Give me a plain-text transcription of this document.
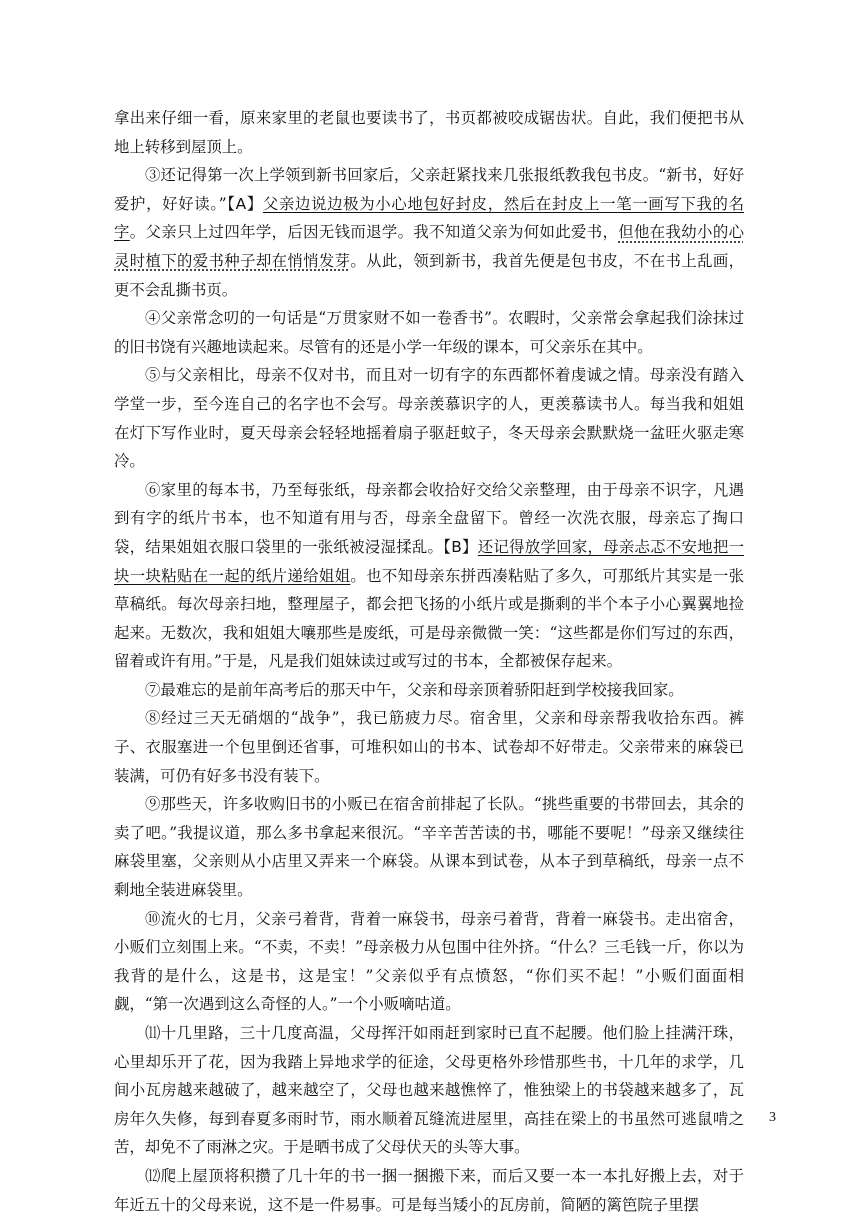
拿出来仔细一看，原来家里的老鼠也要读书了，书页都被咬成锯齿状。自此，我们便把书从地上转移到屋顶上。

③还记得第一次上学领到新书回家后，父亲赶紧找来几张报纸教我包书皮。“新书，好好爱护，好好读。”【A】父亲边说边极为小心地包好封皮，然后在封皮上一笔一画写下我的名字。父亲只上过四年学，后因无钱而退学。我不知道父亲为何如此爱书，但他在我幼小的心灵时植下的爱书种子却在悄悄发芽。从此，领到新书，我首先便是包书皮，不在书上乱画，更不会乱撕书页。

④父亲常念叨的一句话是“万贯家财不如一卷香书”。农暇时，父亲常会拿起我们涂抹过的旧书饶有兴趣地读起来。尽管有的还是小学一年级的课本，可父亲乐在其中。

⑤与父亲相比，母亲不仅对书，而且对一切有字的东西都怀着虔诚之情。母亲没有踏入学堂一步，至今连自己的名字也不会写。母亲羡慕识字的人，更羡慕读书人。每当我和姐姐在灯下写作业时，夏天母亲会轻轻地摇着扇子驱赶蚊子，冬天母亲会默默烧一盆旺火驱走寒冷。

⑥家里的每本书，乃至每张纸，母亲都会收拾好交给父亲整理，由于母亲不识字，凡遇到有字的纸片书本，也不知道有用与否，母亲全盘留下。曾经一次洗衣服，母亲忘了掏口袋，结果姐姐衣服口袋里的一张纸被浸湿揉乱。【B】还记得放学回家，母亲忐忑不安地把一块一块粘贴在一起的纸片递给姐姐。也不知母亲东拼西凑粘贴了多久，可那纸片其实是一张草稿纸。每次母亲扫地，整理屋子，都会把飞扬的小纸片或是撕剩的半个本子小心翼翼地捡起来。无数次，我和姐姐大嚷那些是废纸，可是母亲微微一笑：“这些都是你们写过的东西，留着或许有用。”于是，凡是我们姐妹读过或写过的书本，全都被保存起来。

⑦最难忘的是前年高考后的那天中午，父亲和母亲顶着骄阳赶到学校接我回家。

⑧经过三天无硝烟的“战争”，我已筋疲力尽。宿舍里，父亲和母亲帮我收拾东西。裤子、衣服塞进一个包里倒还省事，可堆积如山的书本、试卷却不好带走。父亲带来的麻袋已装满，可仍有好多书没有装下。

⑨那些天，许多收购旧书的小贩已在宿舍前排起了长队。“挑些重要的书带回去，其余的卖了吧。”我提议道，那么多书拿起来很沉。“辛辛苦苦读的书，哪能不要呢！”母亲又继续往麻袋里塞，父亲则从小店里又弄来一个麻袋。从课本到试卷，从本子到草稿纸，母亲一点不剩地全装进麻袋里。

⑩流火的七月，父亲弓着背，背着一麻袋书，母亲弓着背，背着一麻袋书。走出宿舍，小贩们立刻围上来。“不卖，不卖！”母亲极力从包围中往外挤。“什么？三毛钱一斤，你以为我背的是什么，这是书，这是宝！”父亲似乎有点愤怒，“你们买不起！”小贩们面面相觑，“第一次遇到这么奇怪的人。”一个小贩嘀咕道。

⑾十几里路，三十几度高温，父母挥汗如雨赶到家时已直不起腰。他们脸上挂满汗珠，心里却乐开了花，因为我踏上异地求学的征途，父母更格外珍惜那些书，十几年的求学，几间小瓦房越来越破了，越来越空了，父母也越来越憔悴了，惟独梁上的书袋越来越多了，瓦房年久失修，每到春夏多雨时节，雨水顺着瓦缝流进屋里，高挂在梁上的书虽然可逃鼠啃之苦，却免不了雨淋之灾。于是晒书成了父母伏天的头等大事。

⑿爬上屋顶将积攒了几十年的书一捆一捆搬下来，而后又要一本一本扎好搬上去，对于年近五十的父母来说，这不是一件易事。可是每当矮小的瓦房前，简陋的篱笆院子里摆

3
